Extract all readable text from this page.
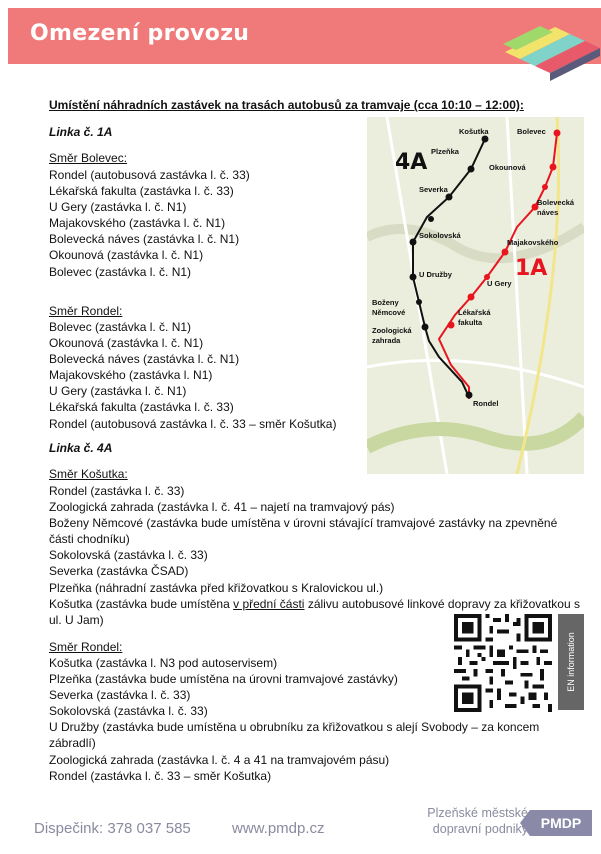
Omezení provozu
Umístění náhradních zastávek na trasách autobusů za tramvaje (cca 10:10 – 12:00):
Linka č. 1A
Směr Bolevec:
Rondel (autobusová zastávka l. č. 33)
Lékařská fakulta (zastávka l. č. 33)
U Gery (zastávka l. č. N1)
Majakovského (zastávka l. č. N1)
Bolevecká náves (zastávka l. č. N1)
Okounová (zastávka l. č. N1)
Bolevec (zastávka l. č. N1)
Směr Rondel:
Bolevec (zastávka l. č. N1)
Okounová (zastávka l. č. N1)
Bolevecká náves (zastávka l. č. N1)
Majakovského (zastávka l. N1)
U Gery (zastávka l. č. N1)
Lékařská fakulta (zastávka l. č. 33)
Rondel (autobusová zastávka l. č. 33 – směr Košutka)
Linka č. 4A
Směr Košutka:
Rondel (zastávka l. č. 33)
Zoologická zahrada (zastávka l. č. 41 – najetí na tramvajový pás)
Boženy Němcové (zastávka bude umístěna v úrovni stávající tramvajové zastávky na zpevněné části chodníku)
Sokolovská (zastávka l. č. 33)
Severka (zastávka ČSAD)
Plzeňka (náhradní zastávka před křižovatkou s Kralovickou ul.)
Košutka (zastávka bude umístěna v přední části zálivu autobusové linkové dopravy za křižovatkou s ul. U Jam)
Směr Rondel:
Košutka (zastávka l. N3 pod autoservisem)
Plzeňka (zastávka bude umístěna na úrovni tramvajové zastávky)
Severka (zastávka l. č. 33)
Sokolovská (zastávka l. č. 33)
U Družby (zastávka bude umístěna u obrubníku za křižovatkou s alejí Svobody – za koncem zábradlí)
Zoologická zahrada (zastávka l. č. 4 a 41 na tramvajovém pásu)
Rondel (zastávka l. č. 33 – směr Košutka)
Košutka
Plzeňka
Severka
Sokolovská
U Družby
Boženy
Němcové
Zoologická
zahrada
Bolevec
Okounová
Bolevecká
náves
Majakovského
U Gery
Lékařská
fakulta
Rondel
4A
1A
EN information
Dispečink: 378 037 585	www.pmdp.cz
Plzeňské městské
dopravní podniky PMDP
